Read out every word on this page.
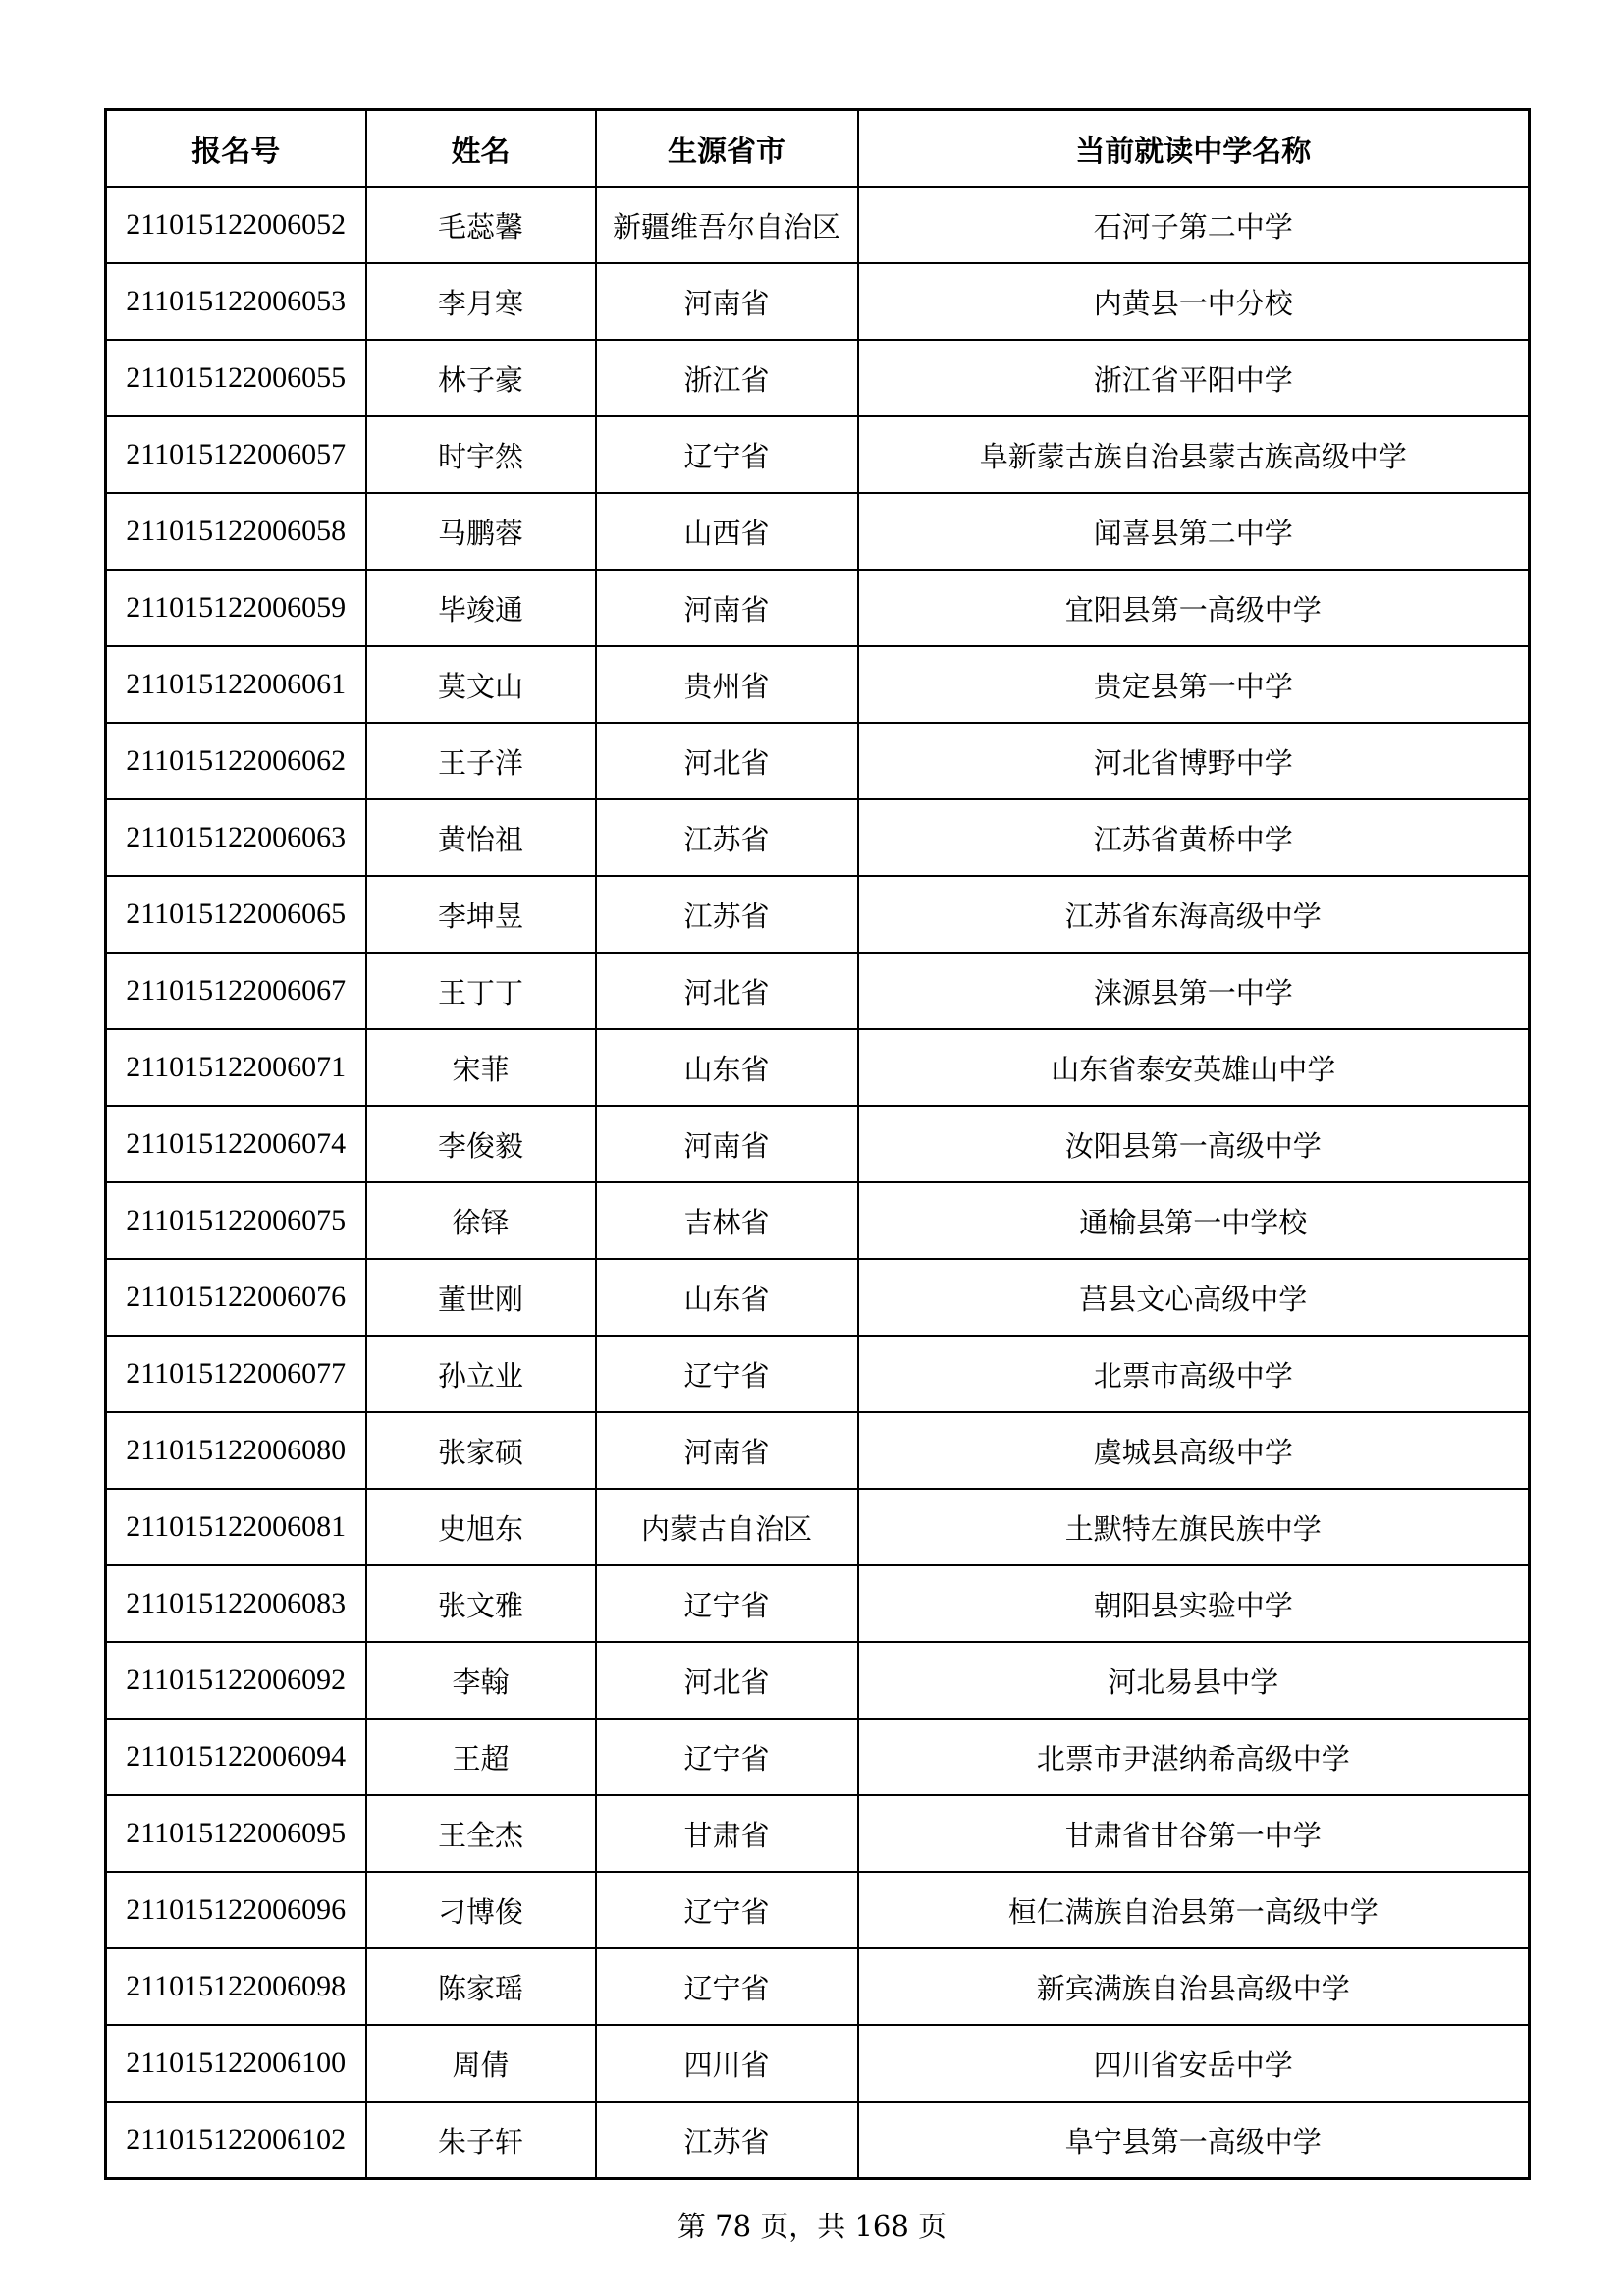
报名号	姓名	生源省市	当前就读中学名称
211015122006052	毛蕊馨	新疆维吾尔自治区	石河子第二中学
211015122006053	李月寒	河南省	内黄县一中分校
211015122006055	林子豪	浙江省	浙江省平阳中学
211015122006057	时宇然	辽宁省	阜新蒙古族自治县蒙古族高级中学
211015122006058	马鹏蓉	山西省	闻喜县第二中学
211015122006059	毕竣通	河南省	宜阳县第一高级中学
211015122006061	莫文山	贵州省	贵定县第一中学
211015122006062	王子洋	河北省	河北省博野中学
211015122006063	黄怡祖	江苏省	江苏省黄桥中学
211015122006065	李坤昱	江苏省	江苏省东海高级中学
211015122006067	王丁丁	河北省	涞源县第一中学
211015122006071	宋菲	山东省	山东省泰安英雄山中学
211015122006074	李俊毅	河南省	汝阳县第一高级中学
211015122006075	徐铎	吉林省	通榆县第一中学校
211015122006076	董世刚	山东省	莒县文心高级中学
211015122006077	孙立业	辽宁省	北票市高级中学
211015122006080	张家硕	河南省	虞城县高级中学
211015122006081	史旭东	内蒙古自治区	土默特左旗民族中学
211015122006083	张文雅	辽宁省	朝阳县实验中学
211015122006092	李翰	河北省	河北易县中学
211015122006094	王超	辽宁省	北票市尹湛纳希高级中学
211015122006095	王全杰	甘肃省	甘肃省甘谷第一中学
211015122006096	刁博俊	辽宁省	桓仁满族自治县第一高级中学
211015122006098	陈家瑶	辽宁省	新宾满族自治县高级中学
211015122006100	周倩	四川省	四川省安岳中学
211015122006102	朱子轩	江苏省	阜宁县第一高级中学
第 78 页，共 168 页
